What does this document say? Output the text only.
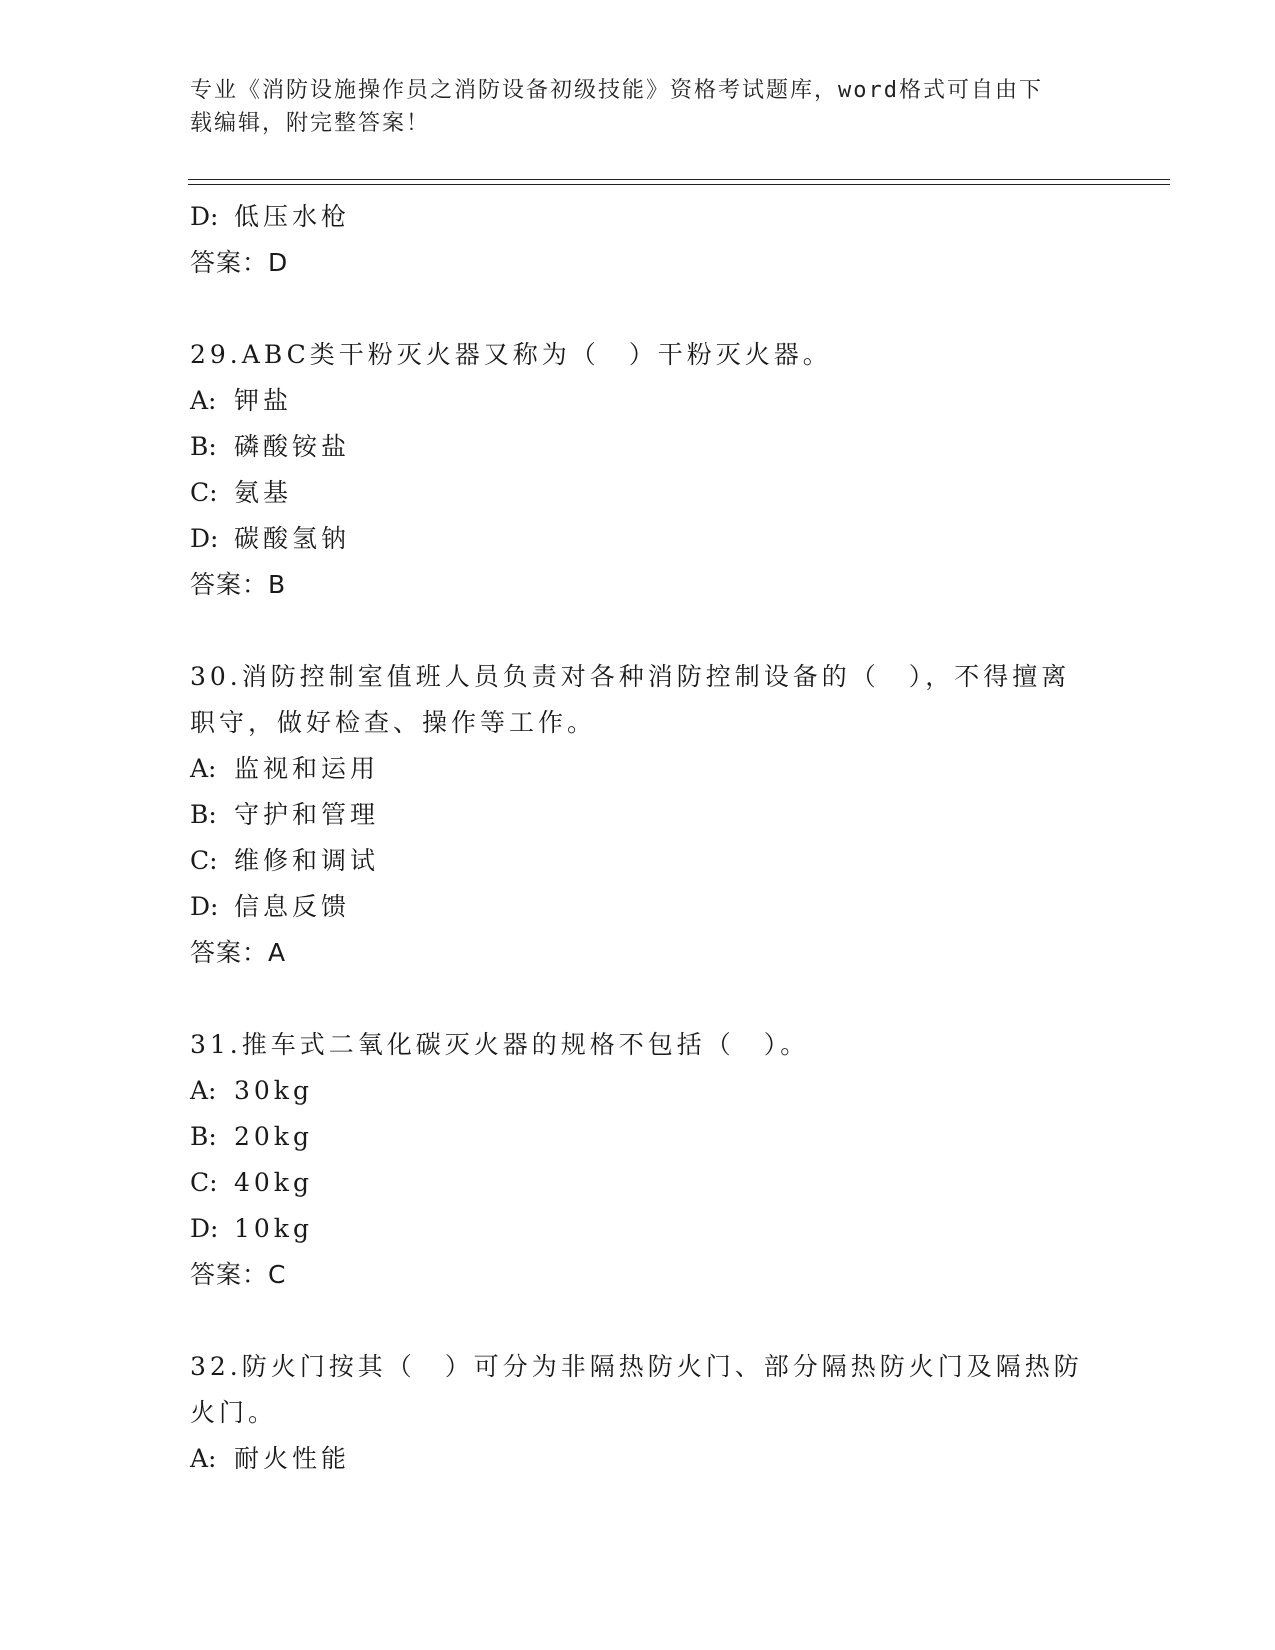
专业《消防设施操作员之消防设备初级技能》资格考试题库，word格式可自由下
载编辑，附完整答案！
D: 低压水枪
答案：D
29.ABC类干粉灭火器又称为（　）干粉灭火器。
A: 钾盐
B: 磷酸铵盐
C: 氨基
D: 碳酸氢钠
答案：B
30.消防控制室值班人员负责对各种消防控制设备的（　），不得擅离
职守，做好检查、操作等工作。
A: 监视和运用
B: 守护和管理
C: 维修和调试
D: 信息反馈
答案：A
31.推车式二氧化碳灭火器的规格不包括（　）。
A: 30kg
B: 20kg
C: 40kg
D: 10kg
答案：C
32.防火门按其（　）可分为非隔热防火门、部分隔热防火门及隔热防
火门。
A: 耐火性能
